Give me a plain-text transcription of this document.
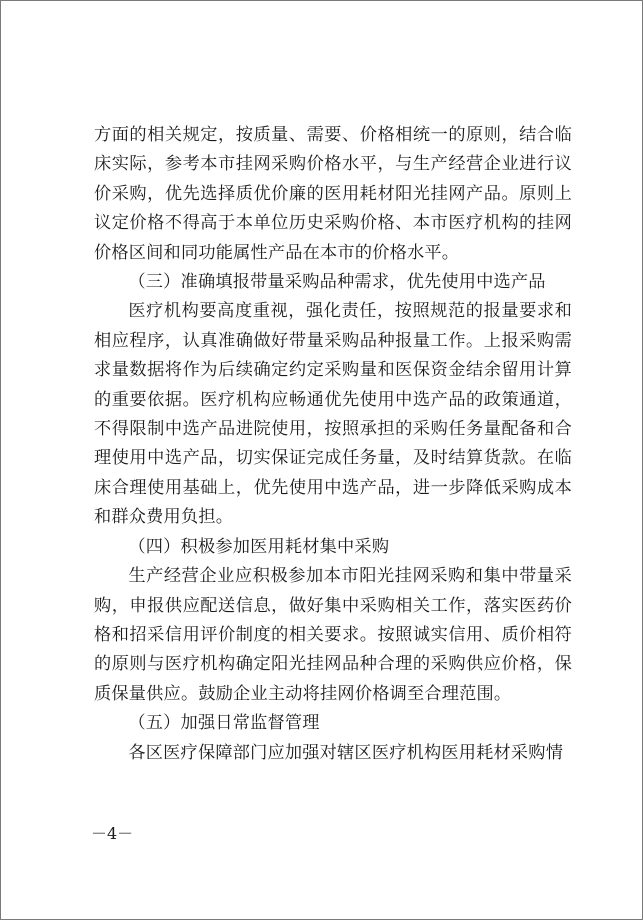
方面的相关规定，按质量、需要、价格相统一的原则，结合临床实际，参考本市挂网采购价格水平，与生产经营企业进行议价采购，优先选择质优价廉的医用耗材阳光挂网产品。原则上议定价格不得高于本单位历史采购价格、本市医疗机构的挂网价格区间和同功能属性产品在本市的价格水平。

（三）准确填报带量采购品种需求，优先使用中选产品

医疗机构要高度重视，强化责任，按照规范的报量要求和相应程序，认真准确做好带量采购品种报量工作。上报采购需求量数据将作为后续确定约定采购量和医保资金结余留用计算的重要依据。医疗机构应畅通优先使用中选产品的政策通道，不得限制中选产品进院使用，按照承担的采购任务量配备和合理使用中选产品，切实保证完成任务量，及时结算货款。在临床合理使用基础上，优先使用中选产品，进一步降低采购成本和群众费用负担。

（四）积极参加医用耗材集中采购

生产经营企业应积极参加本市阳光挂网采购和集中带量采购，申报供应配送信息，做好集中采购相关工作，落实医药价格和招采信用评价制度的相关要求。按照诚实信用、质价相符的原则与医疗机构确定阳光挂网品种合理的采购供应价格，保质保量供应。鼓励企业主动将挂网价格调至合理范围。

（五）加强日常监督管理

各区医疗保障部门应加强对辖区医疗机构医用耗材采购情

－4－
